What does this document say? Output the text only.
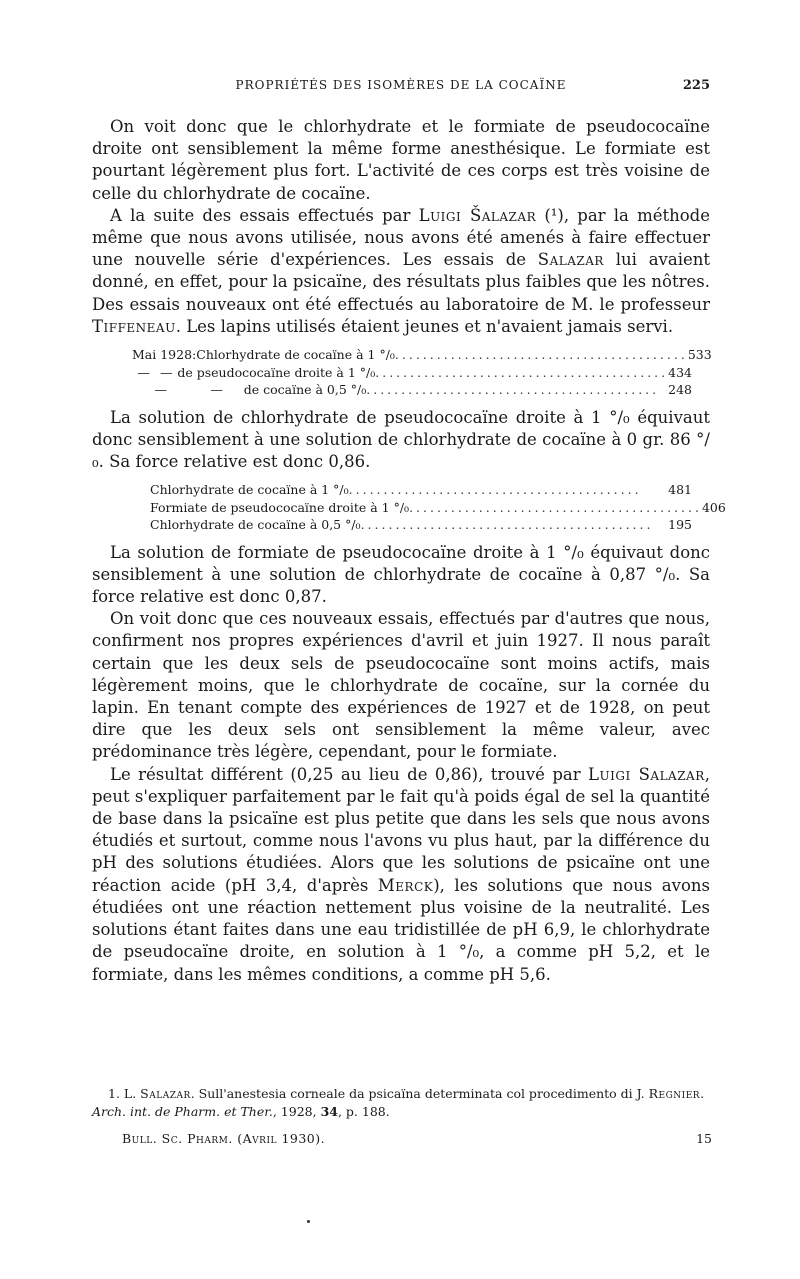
PROPRIÉTÉS DES ISOMÈRES DE LA COCAÏNE	225

On voit donc que le chlorhydrate et le formiate de pseudococaïne droite ont sensiblement la même forme anesthésique. Le formiate est pourtant légèrement plus fort. L'activité de ces corps est très voisine de celle du chlorhydrate de cocaïne.

A la suite des essais effectués par Luigi Šalazar (¹), par la méthode même que nous avons utilisée, nous avons été amenés à faire effectuer une nouvelle série d'expériences. Les essais de Salazar lui avaient donné, en effet, pour la psicaïne, des résultats plus faibles que les nôtres. Des essais nouveaux ont été effectués au laboratoire de M. le professeur Tiffeneau. Les lapins utilisés étaient jeunes et n'avaient jamais servi.

Mai 1928 : Chlorhydrate de cocaïne à 1 °/₀ .......................................... 533
— — de pseudococaïne droite à 1 °/₀ .......................................... 434
—	—	de cocaïne à 0,5 °/₀ .......................................... 248

La solution de chlorhydrate de pseudococaïne droite à 1 °/₀ équivaut donc sensiblement à une solution de chlorhydrate de cocaïne à 0 gr. 86 °/₀. Sa force relative est donc 0,86.

Chlorhydrate de cocaïne à 1 °/₀ ..........................................	481
Formiate de pseudococaïne droite à 1 °/₀ .......................................... 406
Chlorhydrate de cocaïne à 0,5 °/₀ ..........................................	195

La solution de formiate de pseudococaïne droite à 1 °/₀ équivaut donc sensiblement à une solution de chlorhydrate de cocaïne à 0,87 °/₀. Sa force relative est donc 0,87.

On voit donc que ces nouveaux essais, effectués par d'autres que nous, confirment nos propres expériences d'avril et juin 1927. Il nous paraît certain que les deux sels de pseudococaïne sont moins actifs, mais légèrement moins, que le chlorhydrate de cocaïne, sur la cornée du lapin. En tenant compte des expériences de 1927 et de 1928, on peut dire que les deux sels ont sensiblement la même valeur, avec prédominance très légère, cependant, pour le formiate.

Le résultat différent (0,25 au lieu de 0,86), trouvé par Luigi Salazar, peut s'expliquer parfaitement par le fait qu'à poids égal de sel la quantité de base dans la psicaïne est plus petite que dans les sels que nous avons étudiés et surtout, comme nous l'avons vu plus haut, par la différence du pH des solutions étudiées. Alors que les solutions de psicaïne ont une réaction acide (pH 3,4, d'après Merck), les solutions que nous avons étudiées ont une réaction nettement plus voisine de la neutralité. Les solutions étant faites dans une eau tridistillée de pH 6,9, le chlorhydrate de pseudocaïne droite, en solution à 1 °/₀, a comme pH 5,2, et le formiate, dans les mêmes conditions, a comme pH 5,6.

1. L. Salazar. Sull'anestesia corneale da psicaïna determinata col procedimento di J. Regnier. Arch. int. de Pharm. et Ther., 1928, 34, p. 188.

Bull. Sc. Pharm. (Avril 1930).	15
